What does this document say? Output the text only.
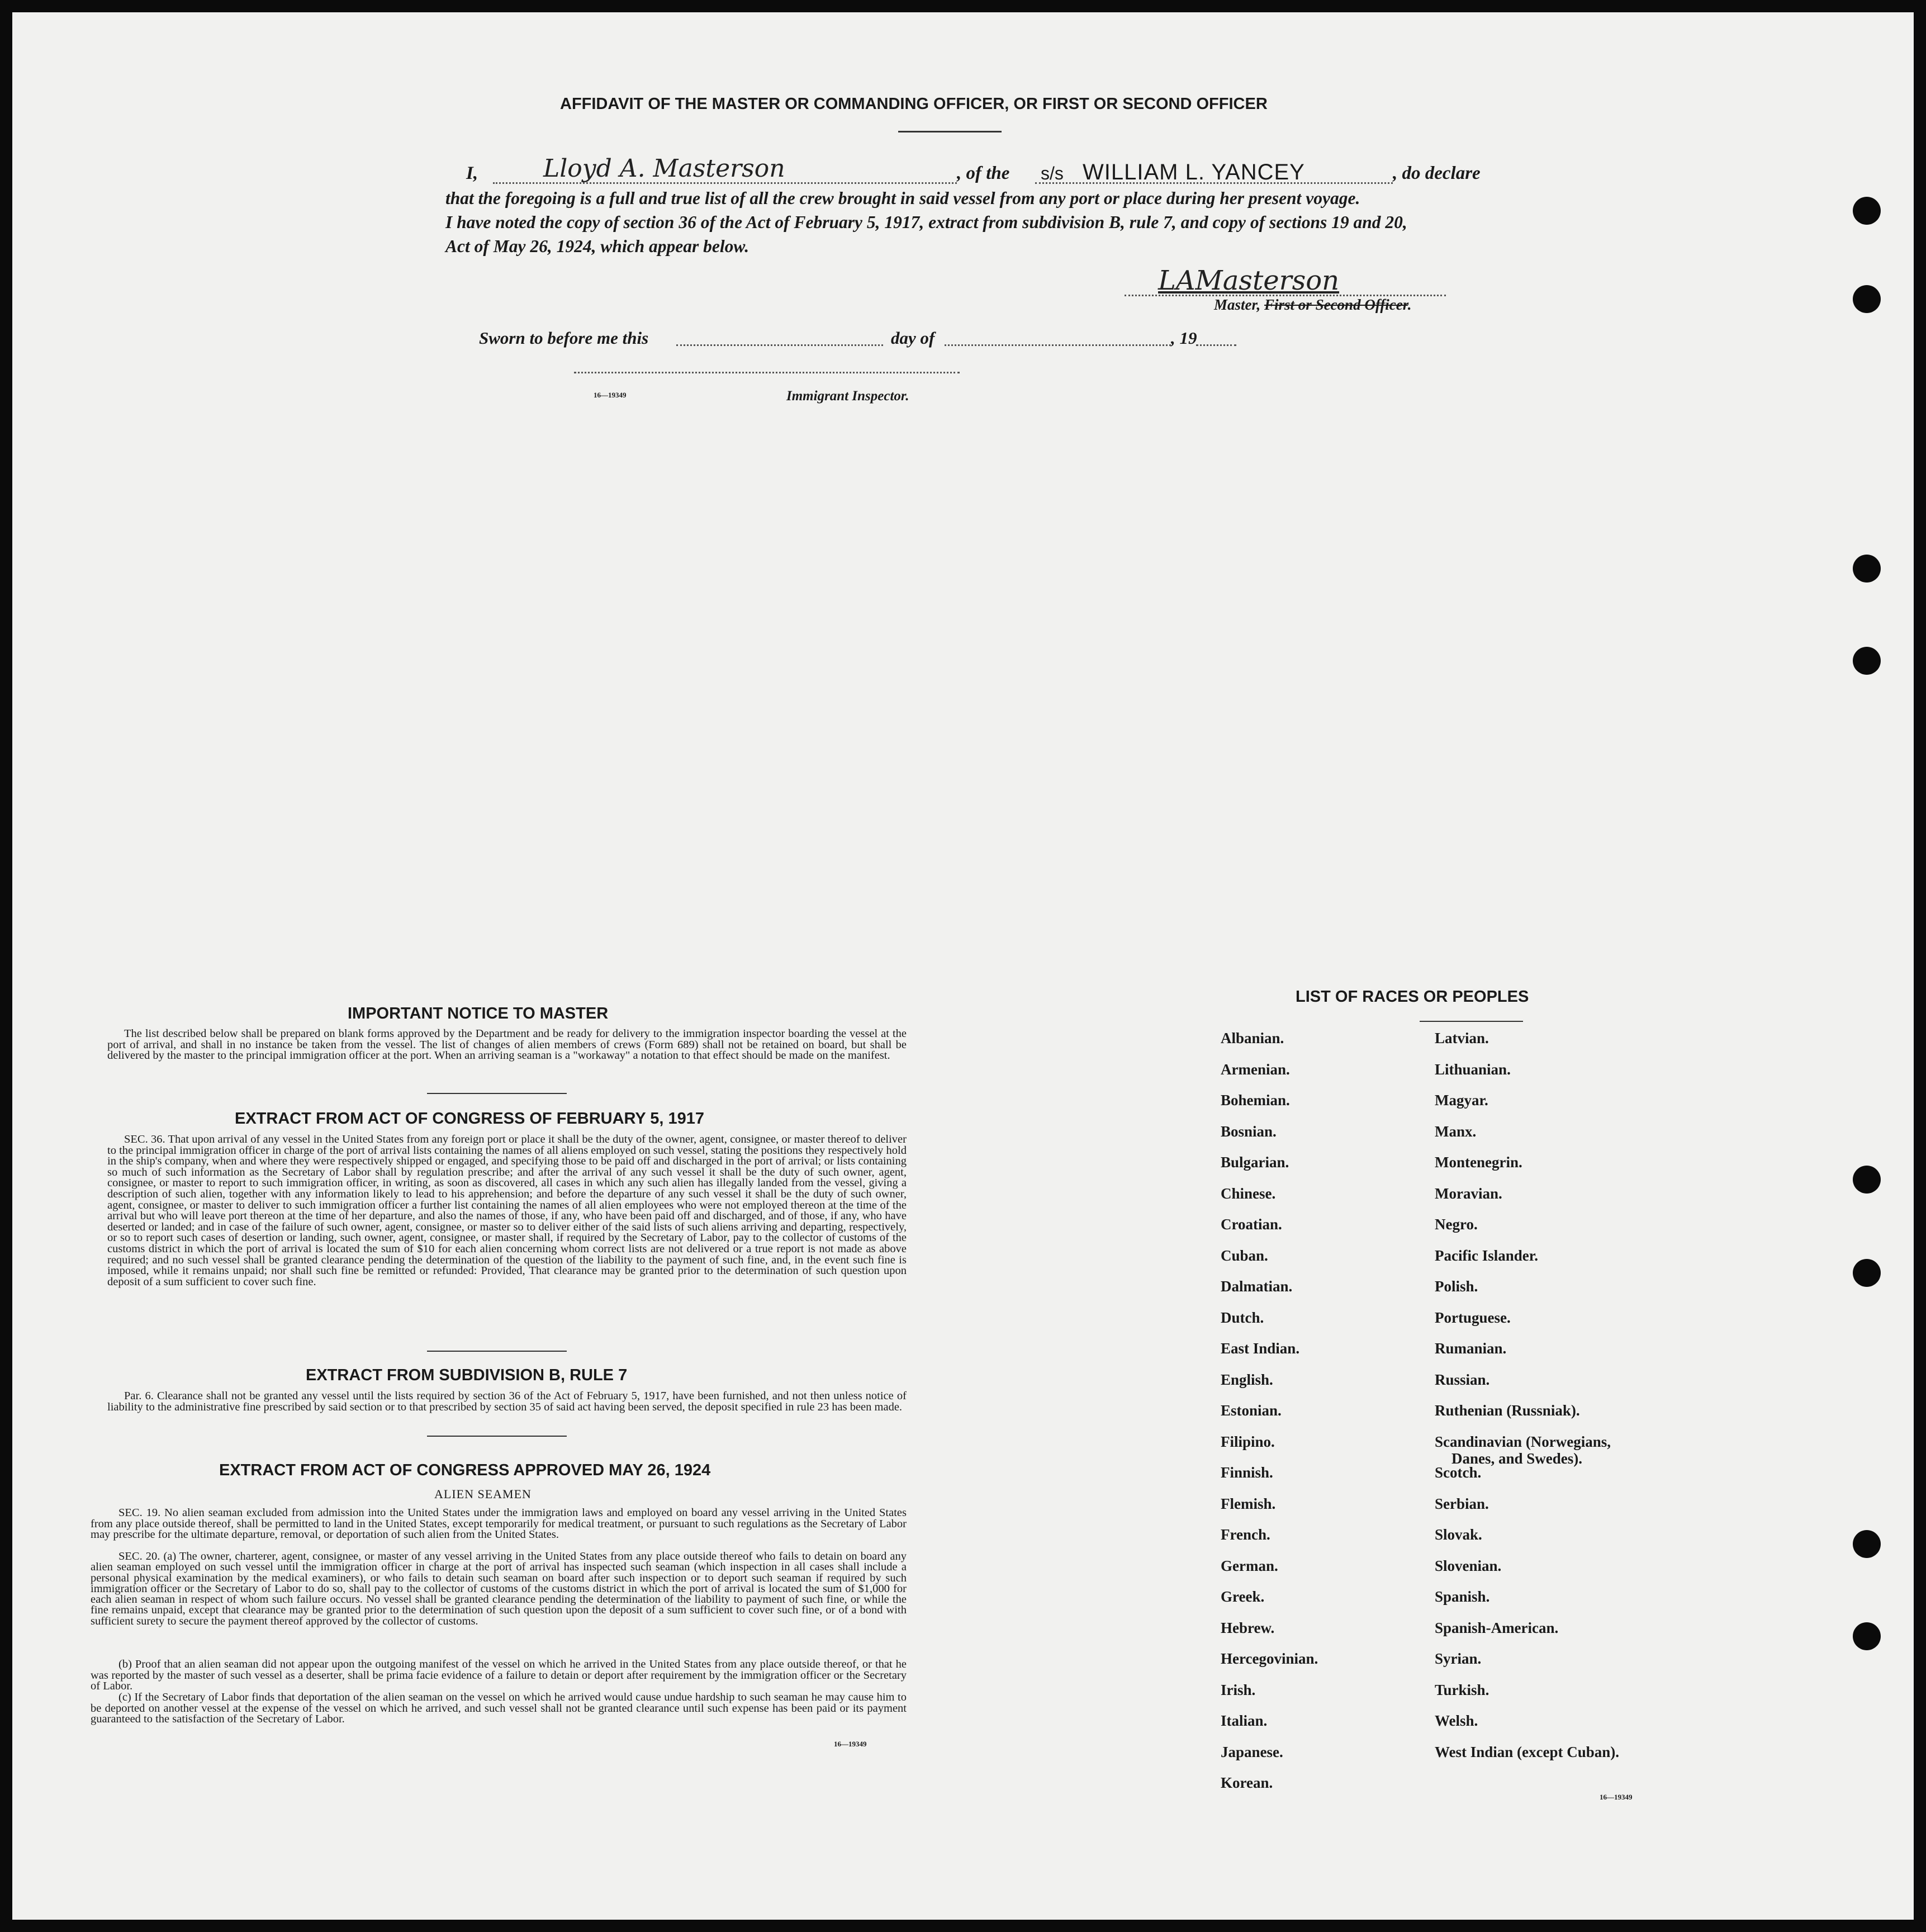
AFFIDAVIT OF THE MASTER OR COMMANDING OFFICER, OR FIRST OR SECOND OFFICER
I,	Lloyd A. Masterson	, of the s/s WILLIAM L. YANCEY	, do declare
that the foregoing is a full and true list of all the crew brought in said vessel from any port or place during her present voyage.
I have noted the copy of section 36 of the Act of February 5, 1917, extract from subdivision B, rule 7, and copy of sections 19 and 20,
Act of May 26, 1924, which appear below.
LAMasterson
Master, First or Second Officer.
Sworn to before me this	day of	, 19
16—19349	Immigrant Inspector.
IMPORTANT NOTICE TO MASTER
The list described below shall be prepared on blank forms approved by the Department and be ready for delivery to the immigration inspector boarding the vessel at the port of arrival, and shall in no instance be taken from the vessel. The list of changes of alien members of crews (Form 689) shall not be retained on board, but shall be delivered by the master to the principal immigration officer at the port. When an arriving seaman is a "workaway" a notation to that effect should be made on the manifest.
EXTRACT FROM ACT OF CONGRESS OF FEBRUARY 5, 1917
SEC. 36. That upon arrival of any vessel in the United States from any foreign port or place it shall be the duty of the owner, agent, consignee, or master thereof to deliver to the principal immigration officer in charge of the port of arrival lists containing the names of all aliens employed on such vessel, stating the positions they respectively hold in the ship's company, when and where they were respectively shipped or engaged, and specifying those to be paid off and discharged in the port of arrival; or lists containing so much of such information as the Secretary of Labor shall by regulation prescribe; and after the arrival of any such vessel it shall be the duty of such owner, agent, consignee, or master to report to such immigration officer, in writing, as soon as discovered, all cases in which any such alien has illegally landed from the vessel, giving a description of such alien, together with any information likely to lead to his apprehension; and before the departure of any such vessel it shall be the duty of such owner, agent, consignee, or master to deliver to such immigration officer a further list containing the names of all alien employees who were not employed thereon at the time of the arrival but who will leave port thereon at the time of her departure, and also the names of those, if any, who have been paid off and discharged, and of those, if any, who have deserted or landed; and in case of the failure of such owner, agent, consignee, or master so to deliver either of the said lists of such aliens arriving and departing, respectively, or so to report such cases of desertion or landing, such owner, agent, consignee, or master shall, if required by the Secretary of Labor, pay to the collector of customs of the customs district in which the port of arrival is located the sum of $10 for each alien concerning whom correct lists are not delivered or a true report is not made as above required; and no such vessel shall be granted clearance pending the determination of the question of the liability to the payment of such fine, and, in the event such fine is imposed, while it remains unpaid; nor shall such fine be remitted or refunded: Provided, That clearance may be granted prior to the determination of such question upon deposit of a sum sufficient to cover such fine.
EXTRACT FROM SUBDIVISION B, RULE 7
Par. 6. Clearance shall not be granted any vessel until the lists required by section 36 of the Act of February 5, 1917, have been furnished, and not then unless notice of liability to the administrative fine prescribed by said section or to that prescribed by section 35 of said act having been served, the deposit specified in rule 23 has been made.
EXTRACT FROM ACT OF CONGRESS APPROVED MAY 26, 1924
ALIEN SEAMEN
SEC. 19. No alien seaman excluded from admission into the United States under the immigration laws and employed on board any vessel arriving in the United States from any place outside thereof, shall be permitted to land in the United States, except temporarily for medical treatment, or pursuant to such regulations as the Secretary of Labor may prescribe for the ultimate departure, removal, or deportation of such alien from the United States.
SEC. 20. (a) The owner, charterer, agent, consignee, or master of any vessel arriving in the United States from any place outside thereof who fails to detain on board any alien seaman employed on such vessel until the immigration officer in charge at the port of arrival has inspected such seaman (which inspection in all cases shall include a personal physical examination by the medical examiners), or who fails to detain such seaman on board after such inspection or to deport such seaman if required by such immigration officer or the Secretary of Labor to do so, shall pay to the collector of customs of the customs district in which the port of arrival is located the sum of $1,000 for each alien seaman in respect of whom such failure occurs. No vessel shall be granted clearance pending the determination of the liability to payment of such fine, or while the fine remains unpaid, except that clearance may be granted prior to the determination of such question upon the deposit of a sum sufficient to cover such fine, or of a bond with sufficient surety to secure the payment thereof approved by the collector of customs.
(b) Proof that an alien seaman did not appear upon the outgoing manifest of the vessel on which he arrived in the United States from any place outside thereof, or that he was reported by the master of such vessel as a deserter, shall be prima facie evidence of a failure to detain or deport after requirement by the immigration officer or the Secretary of Labor.
(c) If the Secretary of Labor finds that deportation of the alien seaman on the vessel on which he arrived would cause undue hardship to such seaman he may cause him to be deported on another vessel at the expense of the vessel on which he arrived, and such vessel shall not be granted clearance until such expense has been paid or its payment guaranteed to the satisfaction of the Secretary of Labor.
16—19349
LIST OF RACES OR PEOPLES
Albanian.
Armenian.
Bohemian.
Bosnian.
Bulgarian.
Chinese.
Croatian.
Cuban.
Dalmatian.
Dutch.
East Indian.
English.
Estonian.
Filipino.
Finnish.
Flemish.
French.
German.
Greek.
Hebrew.
Hercegovinian.
Irish.
Italian.
Japanese.
Korean.
Latvian.
Lithuanian.
Magyar.
Manx.
Montenegrin.
Moravian.
Negro.
Pacific Islander.
Polish.
Portuguese.
Rumanian.
Russian.
Ruthenian (Russniak).
Scandinavian (Norwegians,
Danes, and Swedes).
Scotch.
Serbian.
Slovak.
Slovenian.
Spanish.
Spanish-American.
Syrian.
Turkish.
Welsh.
West Indian (except Cuban).
16—19349
